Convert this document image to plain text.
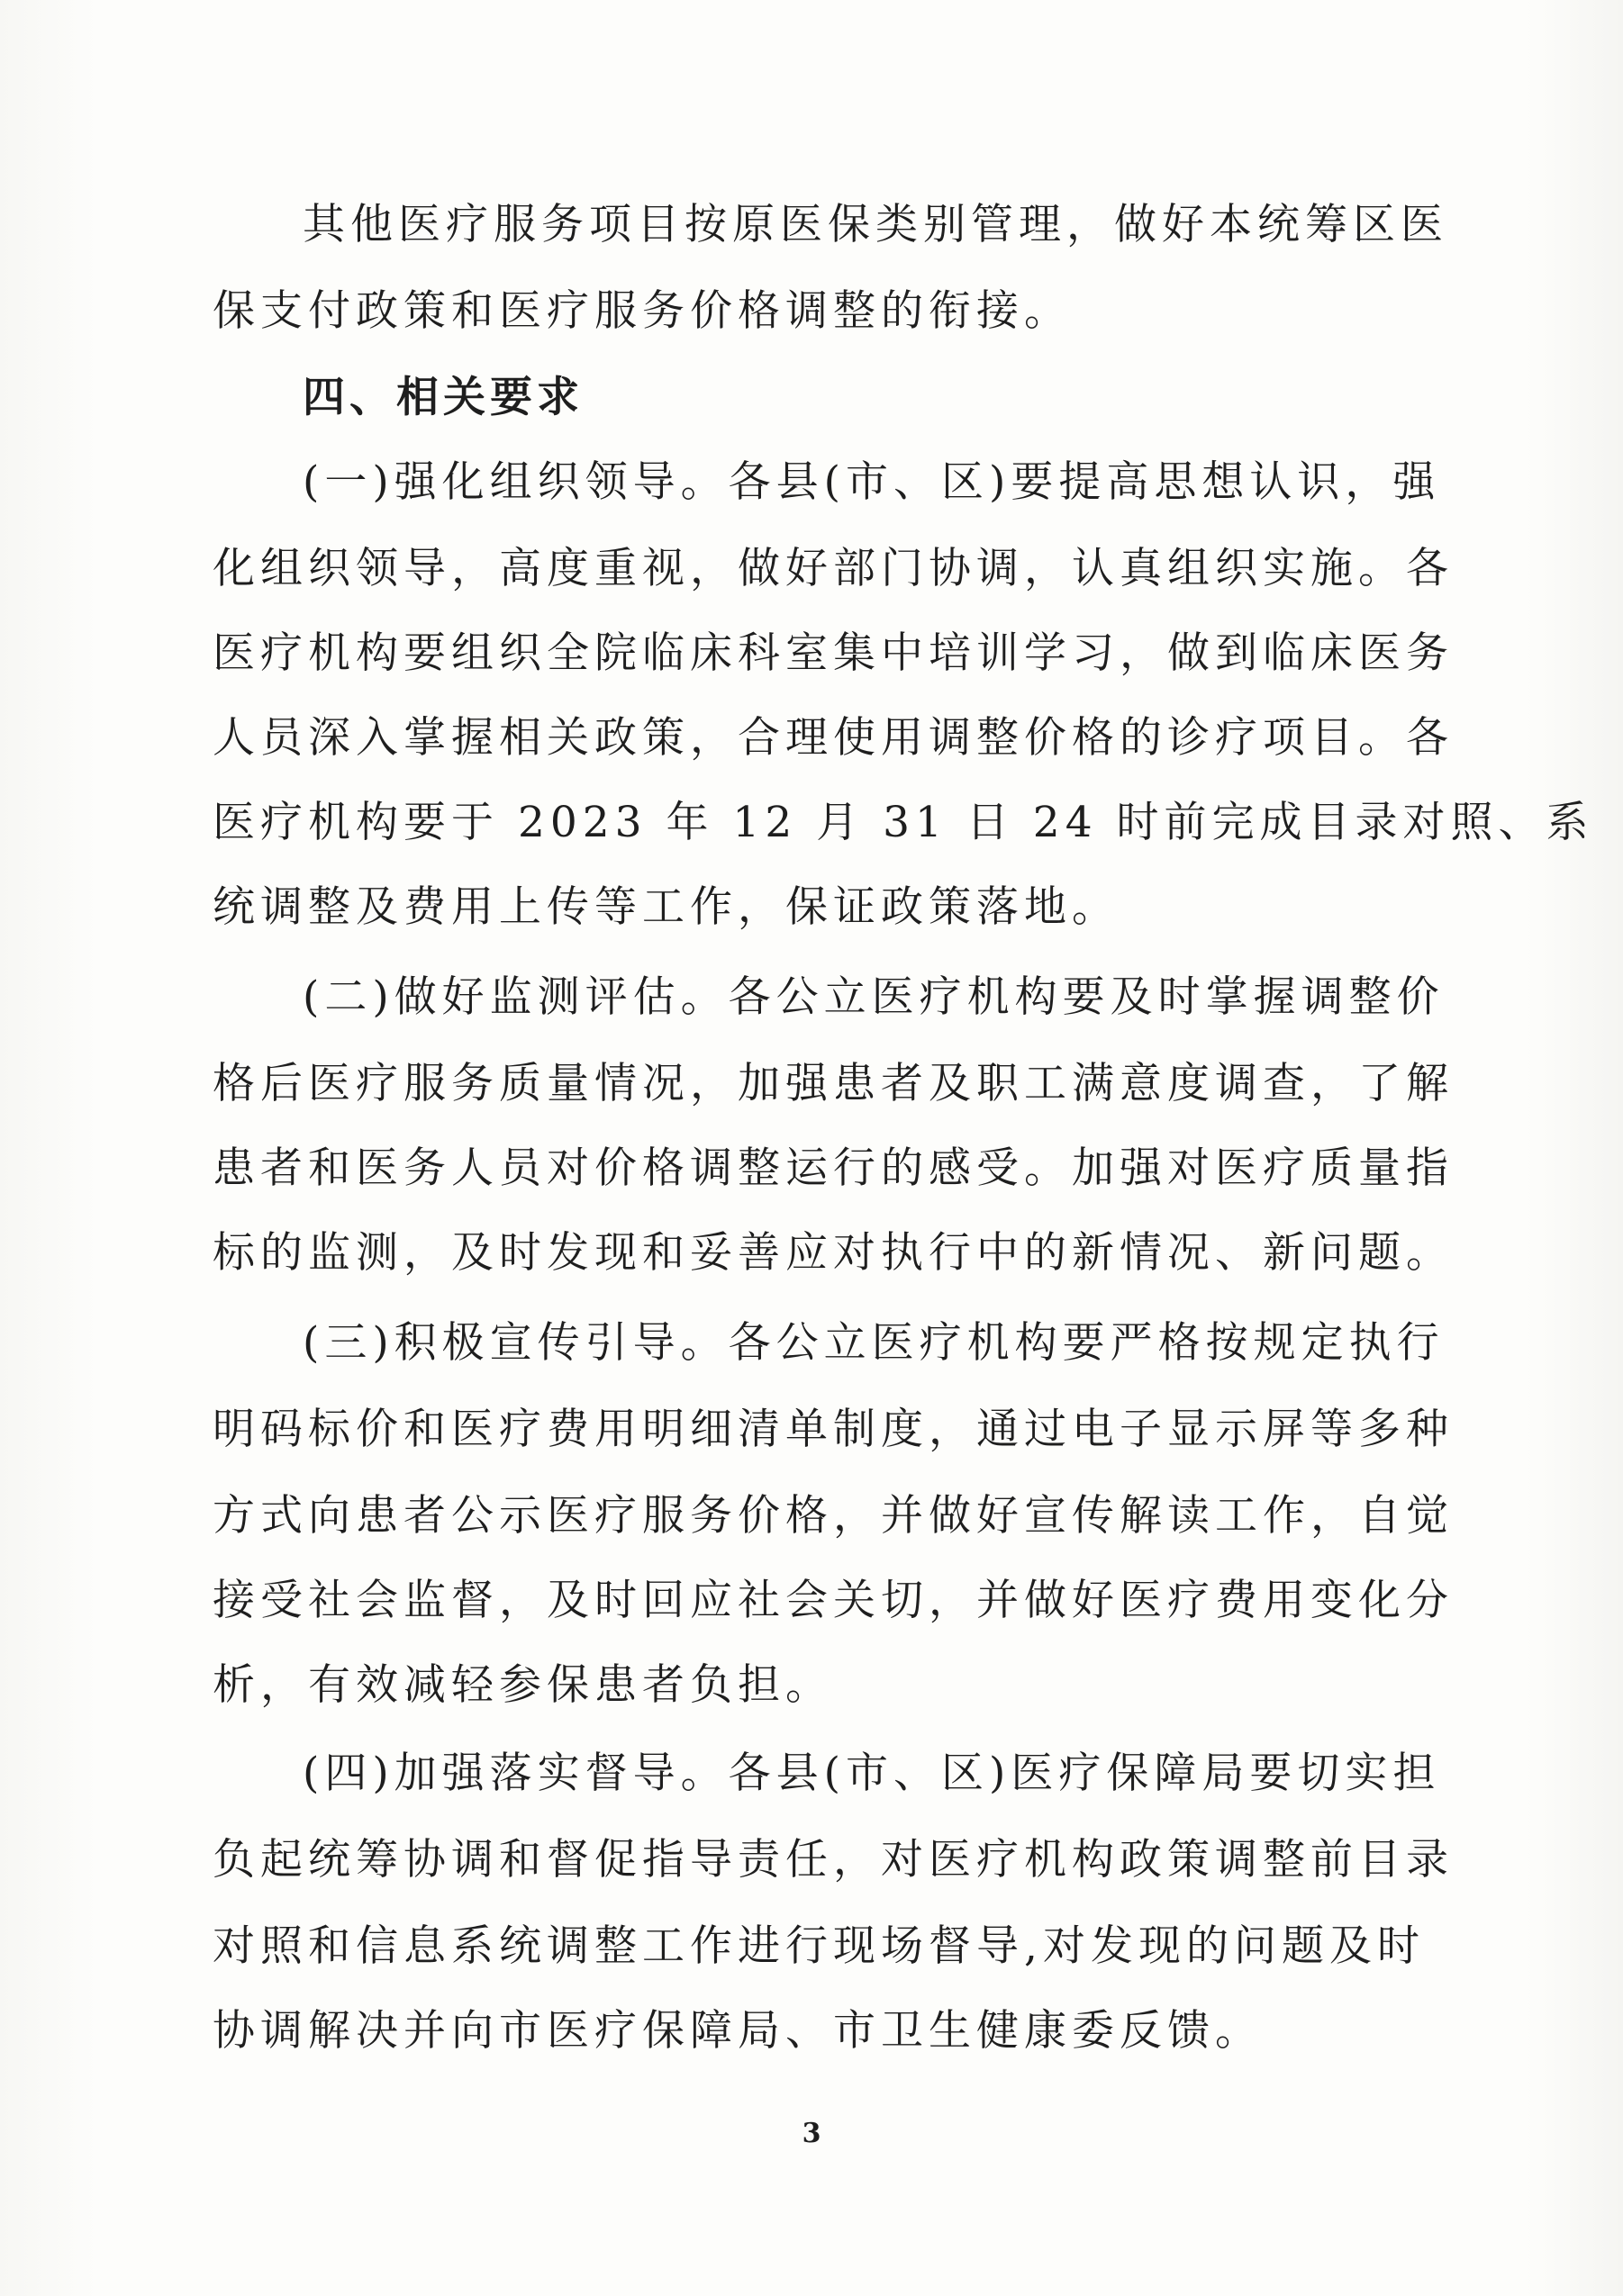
其他医疗服务项目按原医保类别管理，做好本统筹区医
保支付政策和医疗服务价格调整的衔接。
四、相关要求
(一)强化组织领导。各县(市、区)要提高思想认识，强
化组织领导，高度重视，做好部门协调，认真组织实施。各
医疗机构要组织全院临床科室集中培训学习，做到临床医务
人员深入掌握相关政策，合理使用调整价格的诊疗项目。各
医疗机构要于 2023 年 12 月 31 日 24 时前完成目录对照、系
统调整及费用上传等工作，保证政策落地。
(二)做好监测评估。各公立医疗机构要及时掌握调整价
格后医疗服务质量情况，加强患者及职工满意度调查，了解
患者和医务人员对价格调整运行的感受。加强对医疗质量指
标的监测，及时发现和妥善应对执行中的新情况、新问题。
(三)积极宣传引导。各公立医疗机构要严格按规定执行
明码标价和医疗费用明细清单制度，通过电子显示屏等多种
方式向患者公示医疗服务价格，并做好宣传解读工作，自觉
接受社会监督，及时回应社会关切，并做好医疗费用变化分
析，有效减轻参保患者负担。
(四)加强落实督导。各县(市、区)医疗保障局要切实担
负起统筹协调和督促指导责任，对医疗机构政策调整前目录
对照和信息系统调整工作进行现场督导,对发现的问题及时
协调解决并向市医疗保障局、市卫生健康委反馈。
3
